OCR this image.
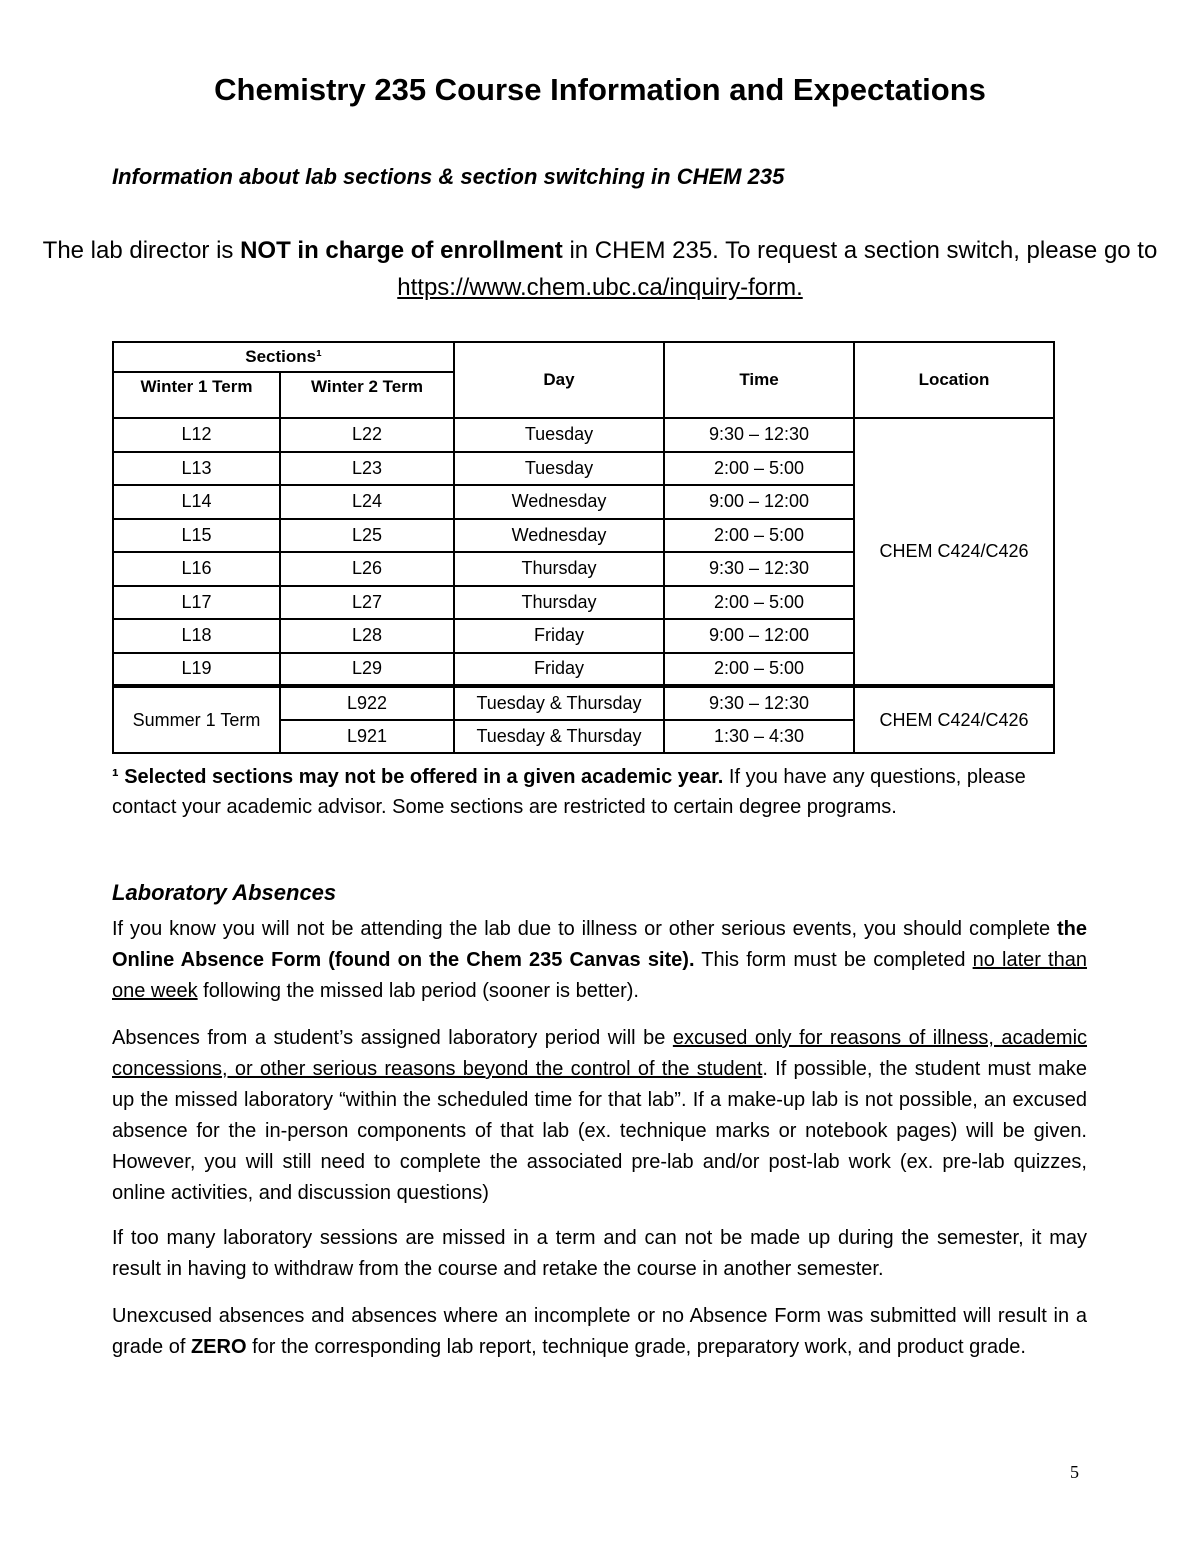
Chemistry 235 Course Information and Expectations
Information about lab sections & section switching in CHEM 235
The lab director is NOT in charge of enrollment in CHEM 235. To request a section switch, please go to https://www.chem.ubc.ca/inquiry-form.
Sections¹		Day	Time	Location
Winter 1 Term	Winter 2 Term			
L12	L22	Tuesday	9:30 – 12:30	CHEM C424/C426
L13	L23	Tuesday	2:00 – 5:00	
L14	L24	Wednesday	9:00 – 12:00	
L15	L25	Wednesday	2:00 – 5:00	
L16	L26	Thursday	9:30 – 12:30	
L17	L27	Thursday	2:00 – 5:00	
L18	L28	Friday	9:00 – 12:00	
L19	L29	Friday	2:00 – 5:00	
Summer 1 Term	L922	Tuesday & Thursday	9:30 – 12:30	CHEM C424/C426
	L921	Tuesday & Thursday	1:30 – 4:30	
¹ Selected sections may not be offered in a given academic year. If you have any questions, please contact your academic advisor. Some sections are restricted to certain degree programs.
Laboratory Absences
If you know you will not be attending the lab due to illness or other serious events, you should complete the Online Absence Form (found on the Chem 235 Canvas site). This form must be completed no later than one week following the missed lab period (sooner is better).
Absences from a student’s assigned laboratory period will be excused only for reasons of illness, academic concessions, or other serious reasons beyond the control of the student. If possible, the student must make up the missed laboratory “within the scheduled time for that lab”. If a make-up lab is not possible, an excused absence for the in-person components of that lab (ex. technique marks or notebook pages) will be given. However, you will still need to complete the associated pre-lab and/or post-lab work (ex. pre-lab quizzes, online activities, and discussion questions)
If too many laboratory sessions are missed in a term and can not be made up during the semester, it may result in having to withdraw from the course and retake the course in another semester.
Unexcused absences and absences where an incomplete or no Absence Form was submitted will result in a grade of ZERO for the corresponding lab report, technique grade, preparatory work, and product grade.
5
